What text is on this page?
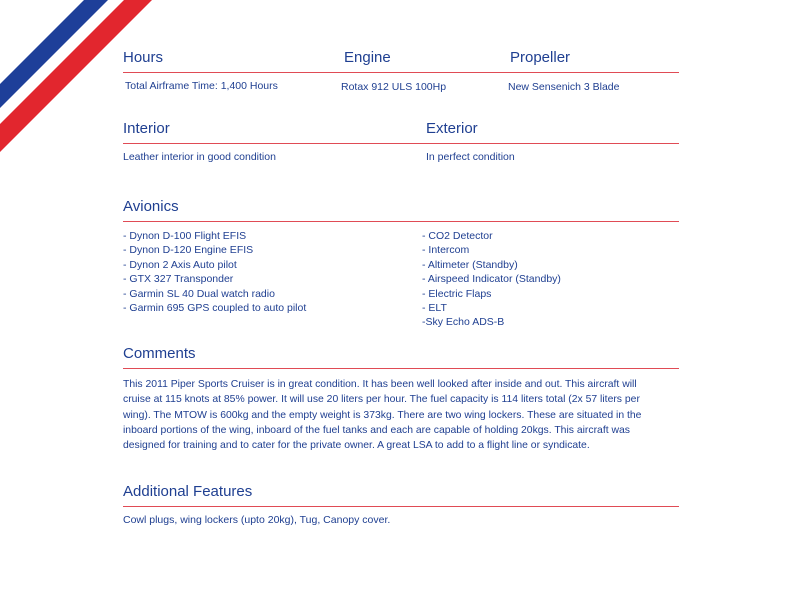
Hours	Engine	Propeller
Total Airframe Time: 1,400 Hours	Rotax 912 ULS 100Hp	New Sensenich 3 Blade
Interior	Exterior
Leather interior in good condition	In perfect condition
Avionics
- Dynon D-100 Flight EFIS
- Dynon D-120 Engine EFIS
- Dynon 2 Axis Auto pilot
- GTX 327 Transponder
- Garmin SL 40 Dual watch radio
- Garmin 695 GPS coupled to auto pilot
- CO2 Detector
- Intercom
- Altimeter (Standby)
- Airspeed Indicator (Standby)
- Electric Flaps
- ELT
-Sky Echo ADS-B
Comments
This 2011 Piper Sports Cruiser is in great condition. It has been well looked after inside and out. This aircraft will
cruise at 115 knots at 85% power. It will use 20 liters per hour. The fuel capacity is 114 liters total (2x 57 liters per
wing). The MTOW is 600kg and the empty weight is 373kg. There are two wing lockers. These are situated in the
inboard portions of the wing, inboard of the fuel tanks and each are capable of holding 20kgs. This aircraft was
designed for training and to cater for the private owner. A great LSA to add to a flight line or syndicate.
Additional Features
Cowl plugs, wing lockers (upto 20kg), Tug, Canopy cover.
